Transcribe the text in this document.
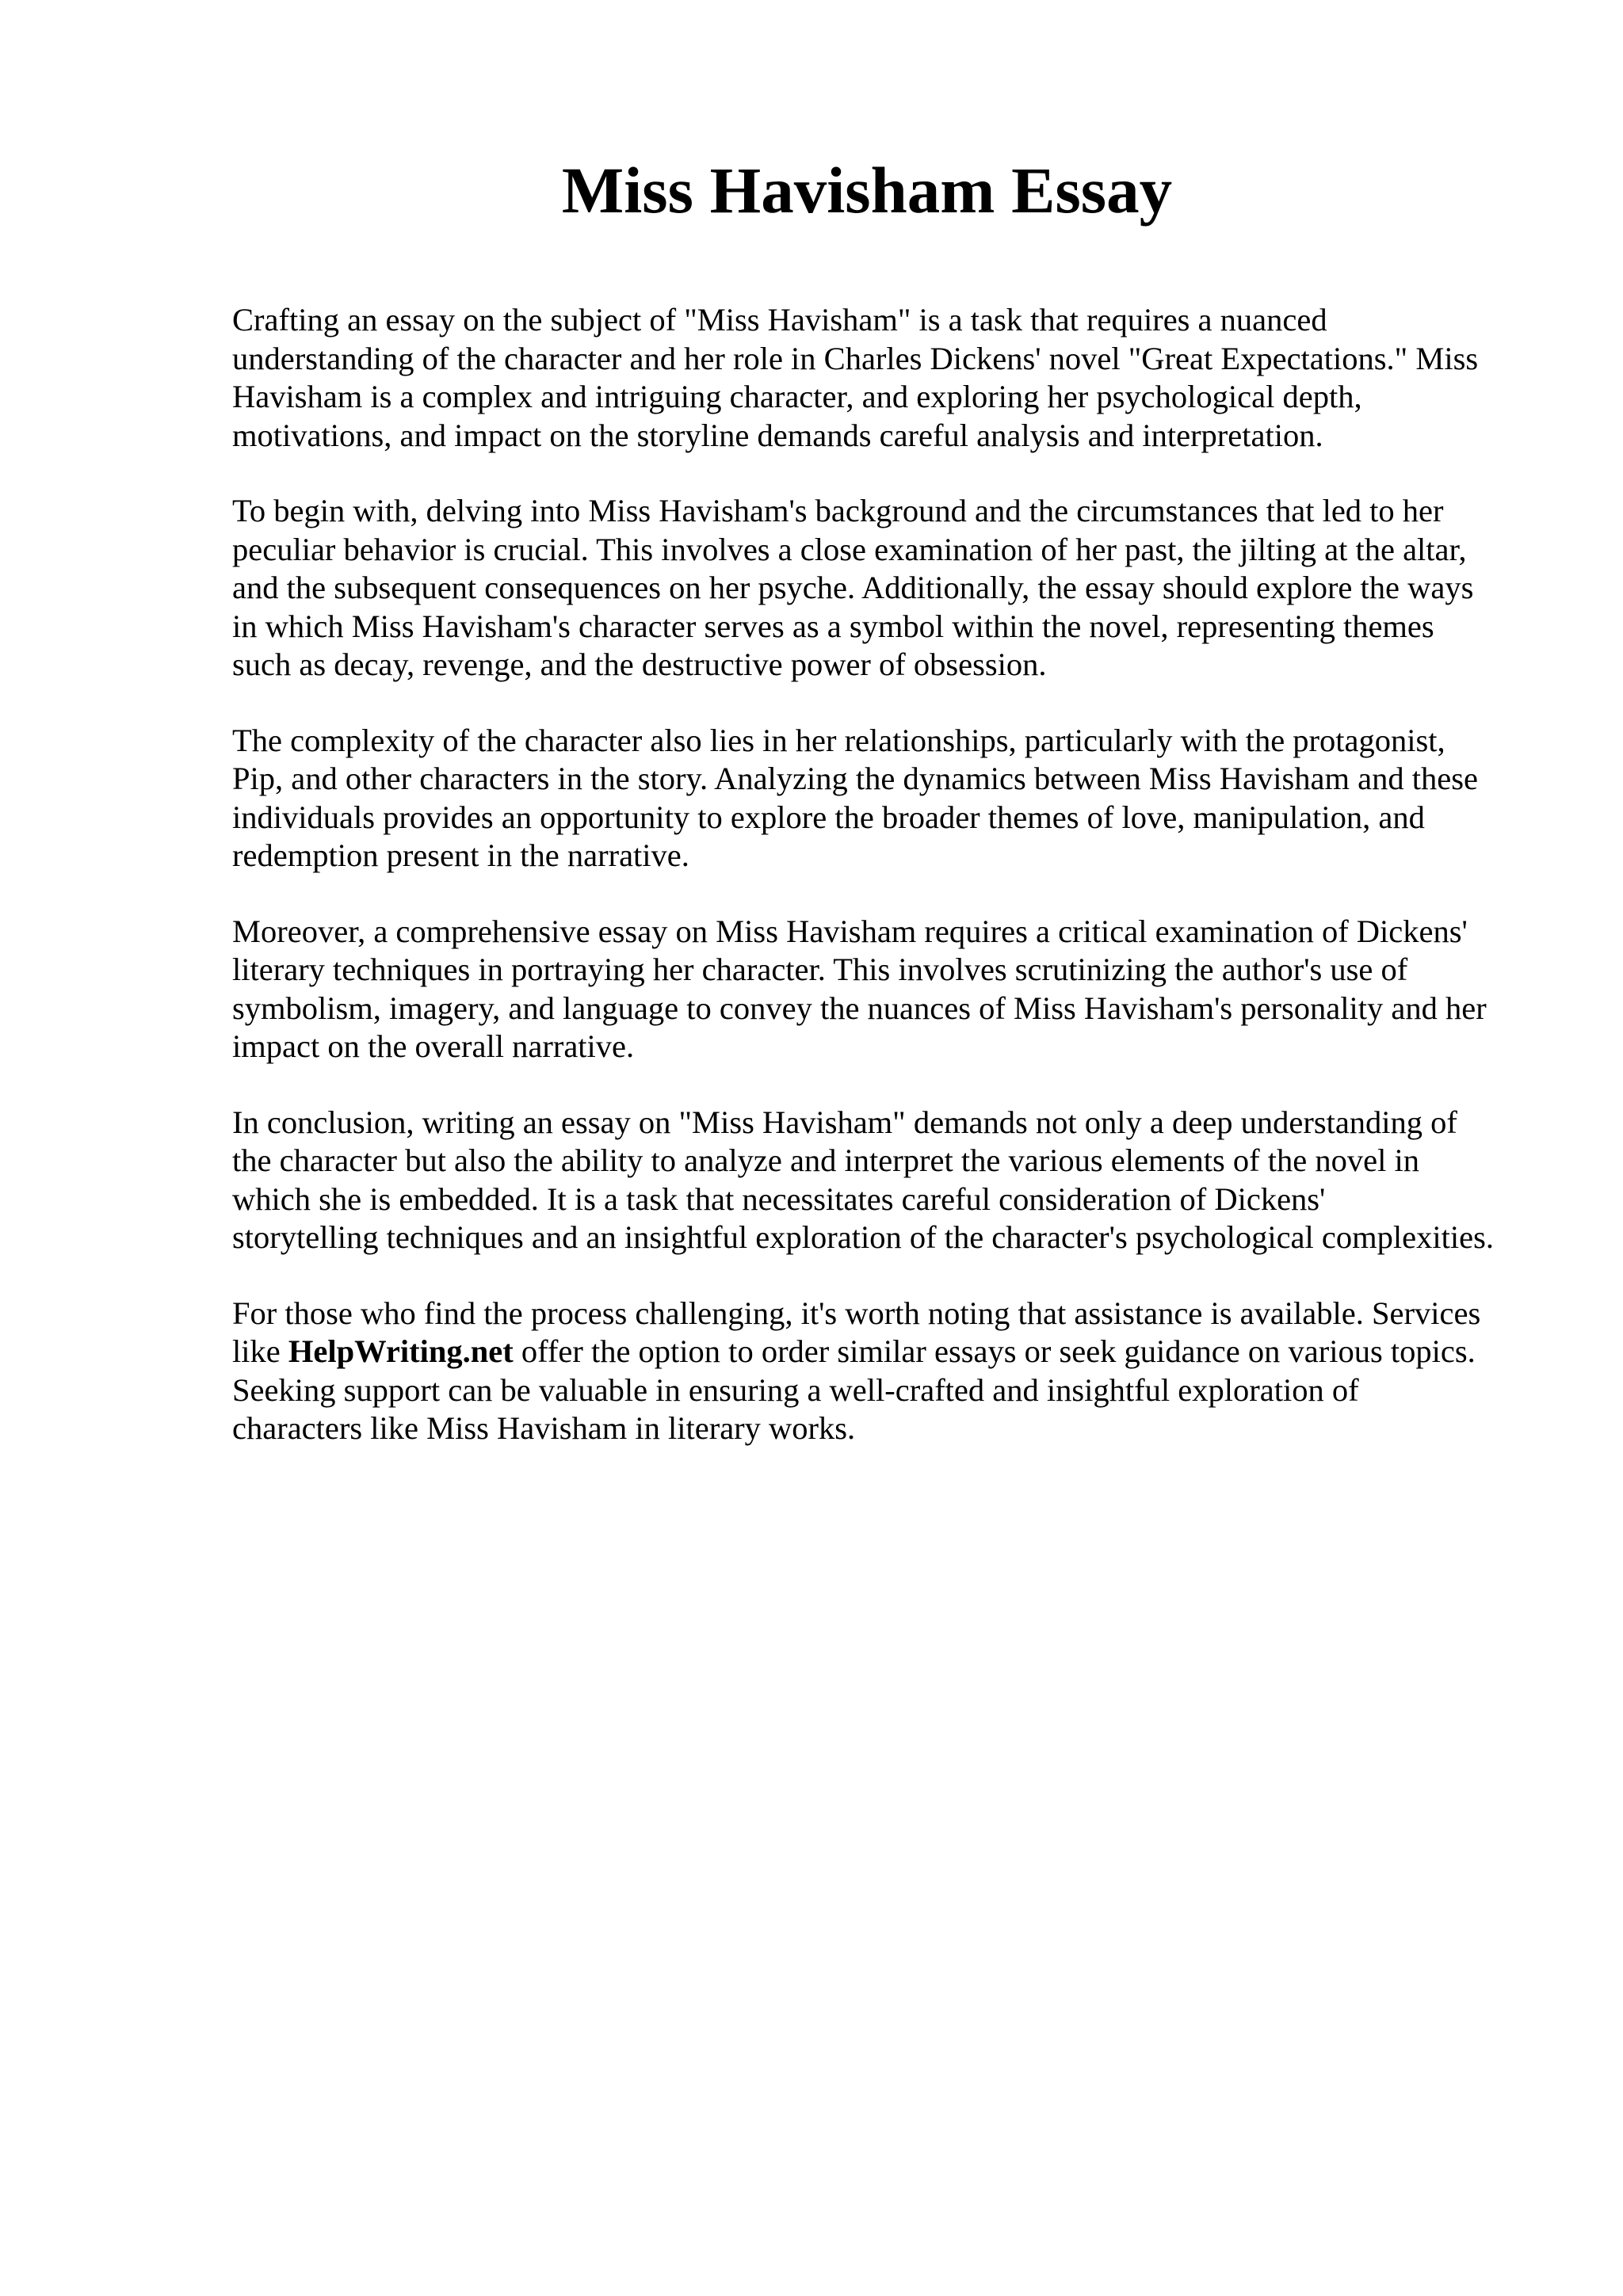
Miss Havisham Essay

Crafting an essay on the subject of "Miss Havisham" is a task that requires a nuanced
understanding of the character and her role in Charles Dickens' novel "Great Expectations." Miss
Havisham is a complex and intriguing character, and exploring her psychological depth,
motivations, and impact on the storyline demands careful analysis and interpretation.

To begin with, delving into Miss Havisham's background and the circumstances that led to her
peculiar behavior is crucial. This involves a close examination of her past, the jilting at the altar,
and the subsequent consequences on her psyche. Additionally, the essay should explore the ways
in which Miss Havisham's character serves as a symbol within the novel, representing themes
such as decay, revenge, and the destructive power of obsession.

The complexity of the character also lies in her relationships, particularly with the protagonist,
Pip, and other characters in the story. Analyzing the dynamics between Miss Havisham and these
individuals provides an opportunity to explore the broader themes of love, manipulation, and
redemption present in the narrative.

Moreover, a comprehensive essay on Miss Havisham requires a critical examination of Dickens'
literary techniques in portraying her character. This involves scrutinizing the author's use of
symbolism, imagery, and language to convey the nuances of Miss Havisham's personality and her
impact on the overall narrative.

In conclusion, writing an essay on "Miss Havisham" demands not only a deep understanding of
the character but also the ability to analyze and interpret the various elements of the novel in
which she is embedded. It is a task that necessitates careful consideration of Dickens'
storytelling techniques and an insightful exploration of the character's psychological complexities.

For those who find the process challenging, it's worth noting that assistance is available. Services
like HelpWriting.net offer the option to order similar essays or seek guidance on various topics.
Seeking support can be valuable in ensuring a well-crafted and insightful exploration of
characters like Miss Havisham in literary works.
